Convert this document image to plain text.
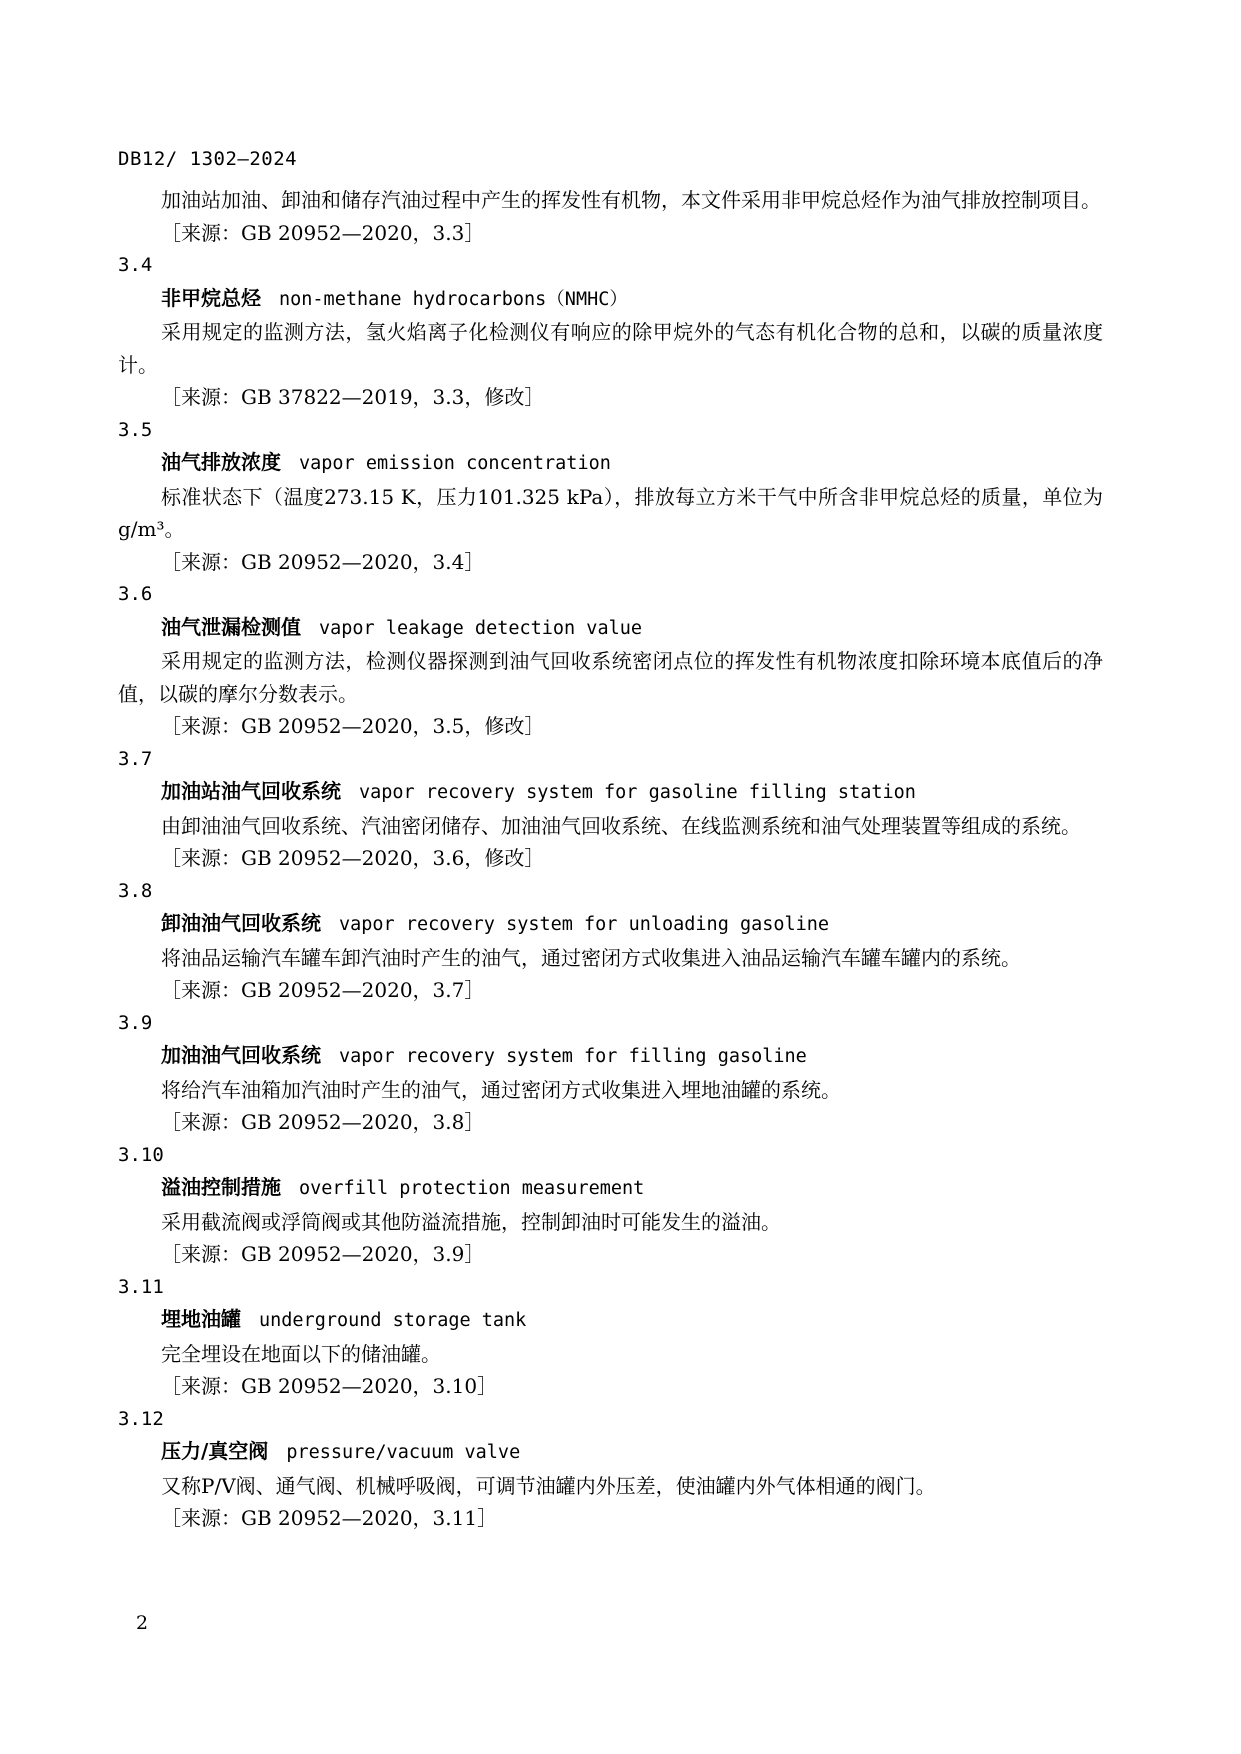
DB12/ 1302—2024

加油站加油、卸油和储存汽油过程中产生的挥发性有机物，本文件采用非甲烷总烃作为油气排放控制项目。

［来源：GB 20952—2020，3.3］

3.4

非甲烷总烃 non-methane hydrocarbons（NMHC）

采用规定的监测方法，氢火焰离子化检测仪有响应的除甲烷外的气态有机化合物的总和，以碳的质量浓度计。

［来源：GB 37822—2019，3.3，修改］

3.5

油气排放浓度 vapor emission concentration

标准状态下（温度273.15 K，压力101.325 kPa），排放每立方米干气中所含非甲烷总烃的质量，单位为g/m³。

［来源：GB 20952—2020，3.4］

3.6

油气泄漏检测值 vapor leakage detection value

采用规定的监测方法，检测仪器探测到油气回收系统密闭点位的挥发性有机物浓度扣除环境本底值后的净值，以碳的摩尔分数表示。

［来源：GB 20952—2020，3.5，修改］

3.7

加油站油气回收系统 vapor recovery system for gasoline filling station

由卸油油气回收系统、汽油密闭储存、加油油气回收系统、在线监测系统和油气处理装置等组成的系统。

［来源：GB 20952—2020，3.6，修改］

3.8

卸油油气回收系统 vapor recovery system for unloading gasoline

将油品运输汽车罐车卸汽油时产生的油气，通过密闭方式收集进入油品运输汽车罐车罐内的系统。

［来源：GB 20952—2020，3.7］

3.9

加油油气回收系统 vapor recovery system for filling gasoline

将给汽车油箱加汽油时产生的油气，通过密闭方式收集进入埋地油罐的系统。

［来源：GB 20952—2020，3.8］

3.10

溢油控制措施 overfill protection measurement

采用截流阀或浮筒阀或其他防溢流措施，控制卸油时可能发生的溢油。

［来源：GB 20952—2020，3.9］

3.11

埋地油罐 underground storage tank

完全埋设在地面以下的储油罐。

［来源：GB 20952—2020，3.10］

3.12

压力/真空阀 pressure/vacuum valve

又称P/V阀、通气阀、机械呼吸阀，可调节油罐内外压差，使油罐内外气体相通的阀门。

［来源：GB 20952—2020，3.11］

2
